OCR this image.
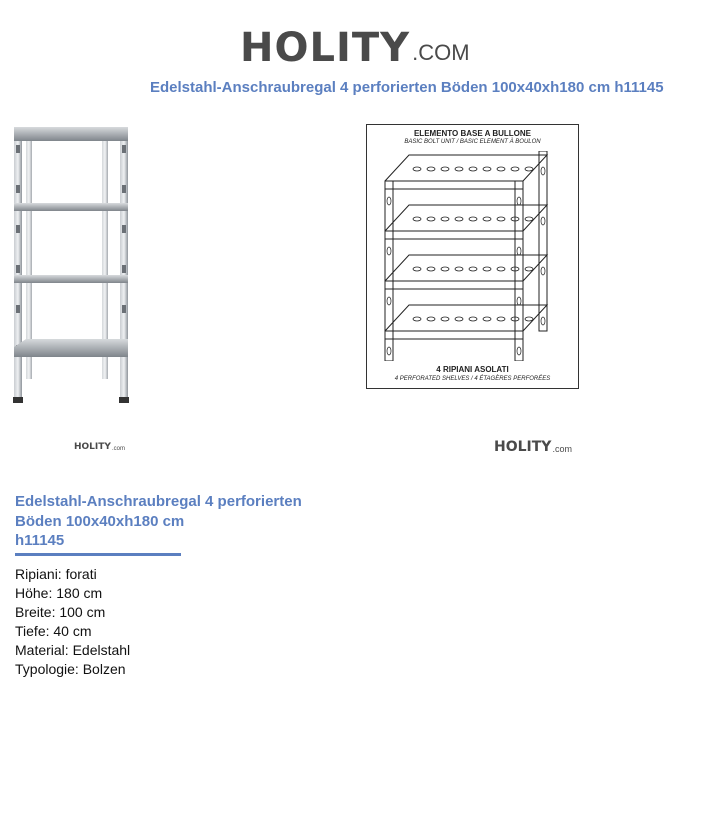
HOLITY .COM
Edelstahl-Anschraubregal 4 perforierten Böden 100x40xh180 cm h11145
ELEMENTO BASE A BULLONE
BASIC BOLT UNIT / BASIC ELEMENT À BOULON
4 RIPIANI ASOLATI
4 PERFORATED SHELVES / 4 ÉTAGÈRES PERFORÉES
HOLITY .com	HOLITY .com
Edelstahl-Anschraubregal 4 perforierten
Böden 100x40xh180 cm
h11145
Ripiani: forati
Höhe: 180 cm
Breite: 100 cm
Tiefe: 40 cm
Material: Edelstahl
Typologie: Bolzen
